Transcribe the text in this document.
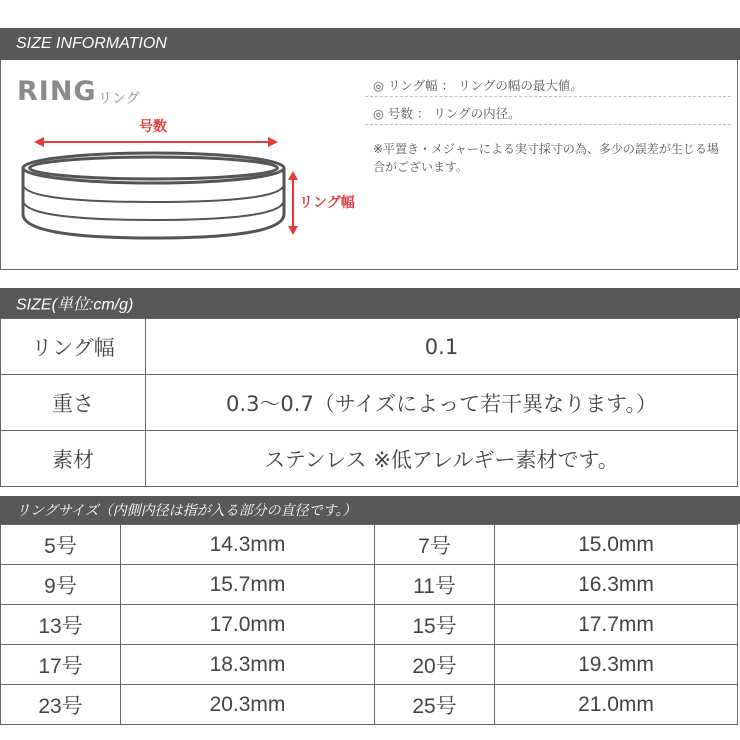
SIZE INFORMATION
RING リング
号数
リング幅
◎ リング幅 ： リングの幅の最大値。
◎ 号数 ： リングの内径。
※平置き・メジャーによる実寸採寸の為、多少の誤差が生じる場合がございます。
SIZE(単位:cm/g)
リング幅	0.1
重さ	0.3～0.7（サイズによって若干異なります。）
素材	ステンレス ※低アレルギー素材です。
リングサイズ（内側内径は指が入る部分の直径です。）
5号	14.3mm	7号	15.0mm
9号	15.7mm	11号	16.3mm
13号	17.0mm	15号	17.7mm
17号	18.3mm	20号	19.3mm
23号	20.3mm	25号	21.0mm
